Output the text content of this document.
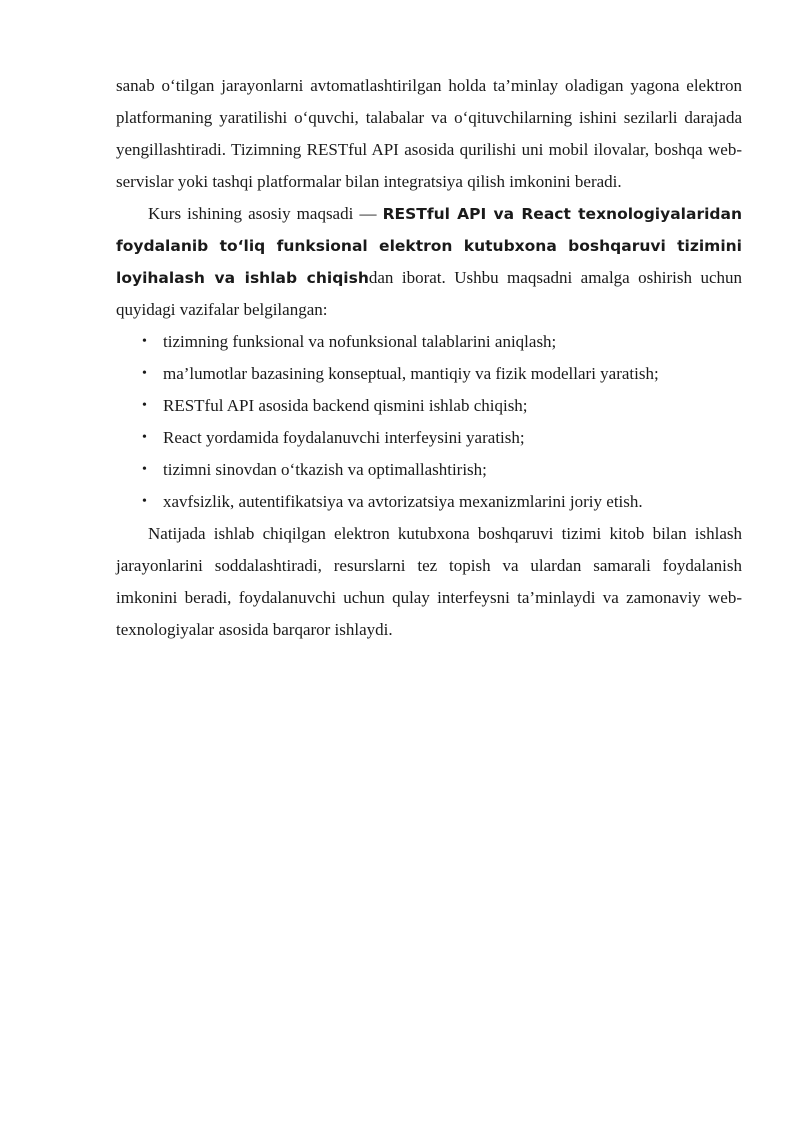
sanab o‘tilgan jarayonlarni avtomatlashtirilgan holda ta’minlay oladigan yagona elektron platformaning yaratilishi o‘quvchi, talabalar va o‘qituvchilarning ishini sezilarli darajada yengillashtiradi. Tizimning RESTful API asosida qurilishi uni mobil ilovalar, boshqa web-servislar yoki tashqi platformalar bilan integratsiya qilish imkonini beradi.

Kurs ishining asosiy maqsadi — RESTful API va React texnologiyalaridan foydalanib to‘liq funksional elektron kutubxona boshqaruvi tizimini loyihalash va ishlab chiqishdan iborat. Ushbu maqsadni amalga oshirish uchun quyidagi vazifalar belgilangan:

• tizimning funksional va nofunksional talablarini aniqlash;
• ma’lumotlar bazasining konseptual, mantiqiy va fizik modellari yaratish;
• RESTful API asosida backend qismini ishlab chiqish;
• React yordamida foydalanuvchi interfeysini yaratish;
• tizimni sinovdan o‘tkazish va optimallashtirish;
• xavfsizlik, autentifikatsiya va avtorizatsiya mexanizmlarini joriy etish.

Natijada ishlab chiqilgan elektron kutubxona boshqaruvi tizimi kitob bilan ishlash jarayonlarini soddalashtiradi, resurslarni tez topish va ulardan samarali foydalanish imkonini beradi, foydalanuvchi uchun qulay interfeysni ta’minlaydi va zamonaviy web-texnologiyalar asosida barqaror ishlaydi.
